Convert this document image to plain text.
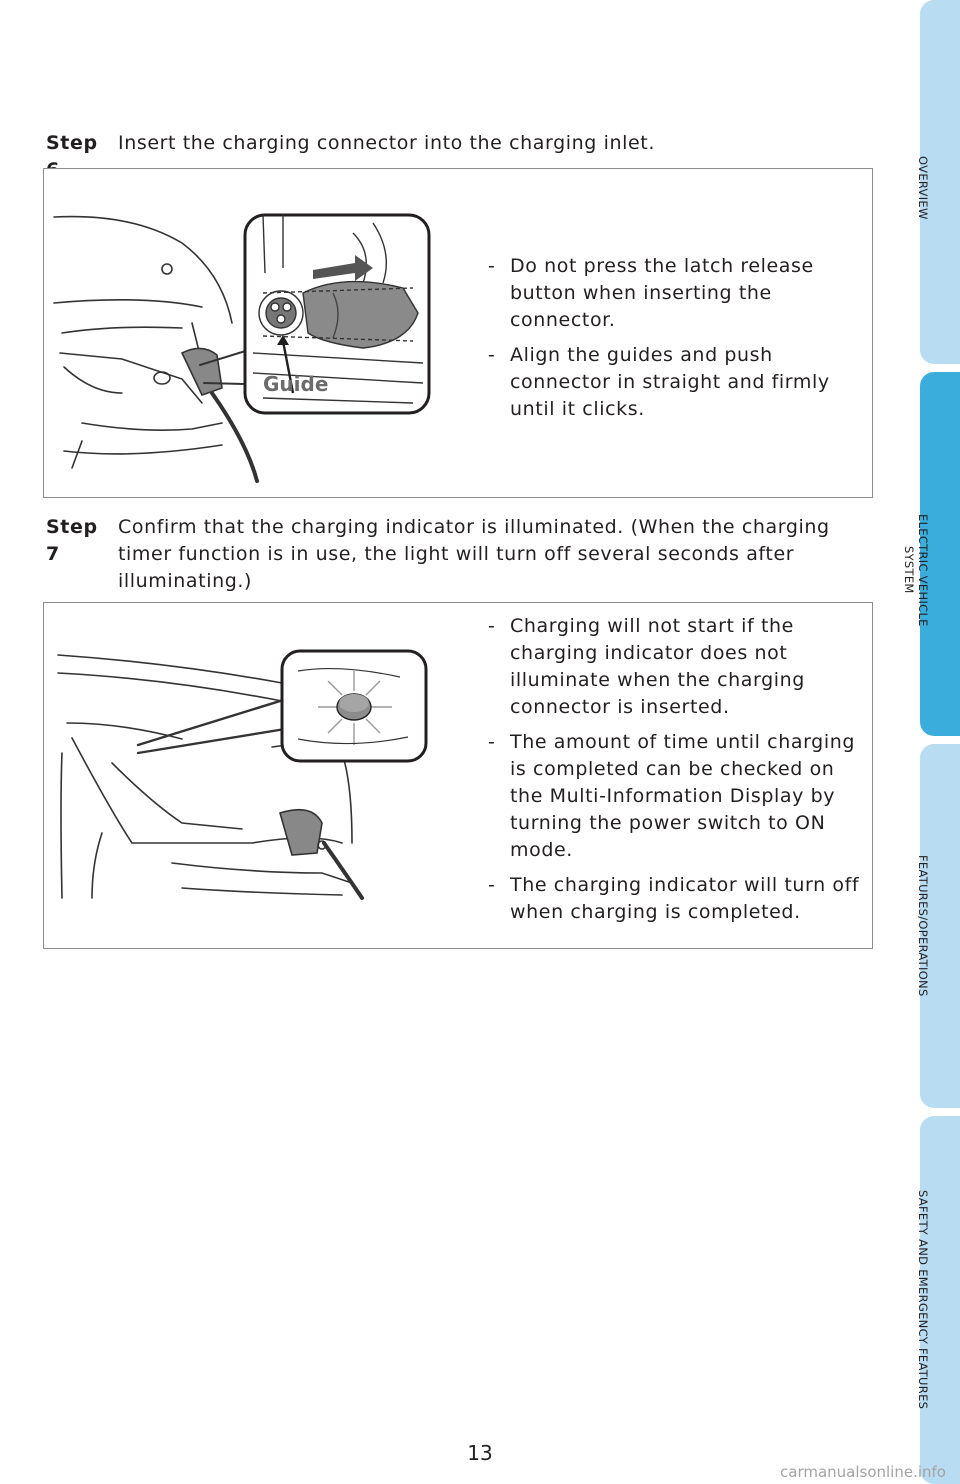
OVERVIEW
ELECTRIC VEHICLE SYSTEM
FEATURES/OPERATIONS
SAFETY AND EMERGENCY FEATURES
Step Insert the charging connector into the charging inlet.
Guide
- Do not press the latch release button when inserting the connector.
- Align the guides and push connector in straight and firmly until it clicks.
Step 7
Confirm that the charging indicator is illuminated. (When the charging timer function is in use, the light will turn off several seconds after illuminating.)
- Charging will not start if the charging indicator does not illuminate when the charging connector is inserted.
- The amount of time until charging is completed can be checked on the Multi-Information Display by turning the power switch to ON mode.
- The charging indicator will turn off when charging is completed.
13
carmanualsonline.info
